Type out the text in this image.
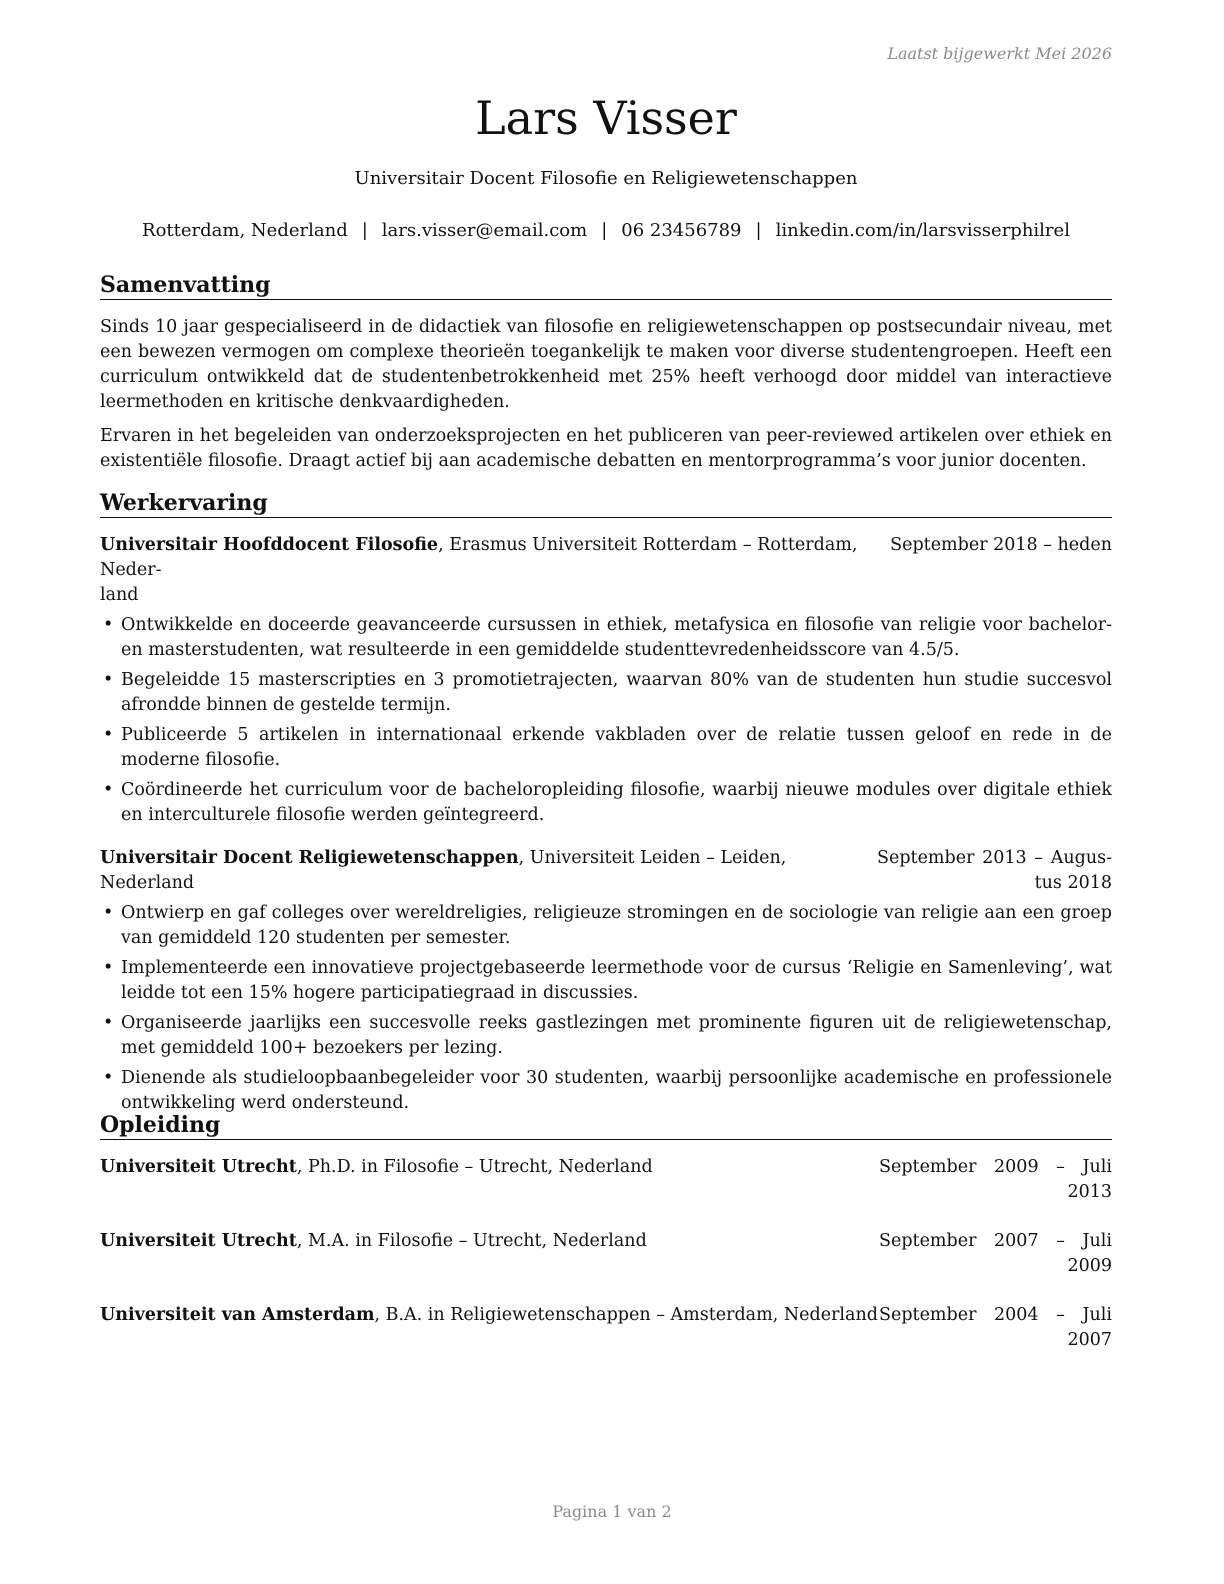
Laatst bijgewerkt Mei 2026
Lars Visser
Universitair Docent Filosofie en Religiewetenschappen
Rotterdam, Nederland | lars.visser@email.com | 06 23456789 | linkedin.com/in/larsvisserphilrel
Samenvatting

Sinds 10 jaar gespecialiseerd in de didactiek van filosofie en religiewetenschappen op postsecundair niveau, met een bewezen vermogen om complexe theorieën toegankelijk te maken voor diverse studentengroepen. Heeft een curriculum ontwikkeld dat de studentenbetrokkenheid met 25% heeft verhoogd door middel van interactieve leermethoden en kritische denkvaardigheden.

Ervaren in het begeleiden van onderzoeksprojecten en het publiceren van peer-reviewed artikelen over ethiek en existentiële filosofie. Draagt actief bij aan academische debatten en mentorprogramma’s voor junior docenten.

Werkervaring
Universitair Hoofddocent Filosofie, Erasmus Universiteit Rotterdam – Rotterdam, Neder-
September 2018 – heden
land
• Ontwikkelde en doceerde geavanceerde cursussen in ethiek, metafysica en filosofie van religie voor bachelor- en masterstudenten, wat resulteerde in een gemiddelde studenttevredenheidsscore van 4.5/5.
• Begeleidde 15 masterscripties en 3 promotietrajecten, waarvan 80% van de studenten hun studie succesvol afrondde binnen de gestelde termijn.
• Publiceerde 5 artikelen in internationaal erkende vakbladen over de relatie tussen geloof en rede in de moderne filosofie.
• Coördineerde het curriculum voor de bacheloropleiding filosofie, waarbij nieuwe modules over digitale ethiek en interculturele filosofie werden geïntegreerd.
Universitair Docent Religiewetenschappen, Universiteit Leiden – Leiden, Nederland
September 2013 – Augus-
tus 2018
• Ontwierp en gaf colleges over wereldreligies, religieuze stromingen en de sociologie van religie aan een groep van gemiddeld 120 studenten per semester.
• Implementeerde een innovatieve projectgebaseerde leermethode voor de cursus ‘Religie en Samenleving’, wat leidde tot een 15% hogere participatiegraad in discussies.
• Organiseerde jaarlijks een succesvolle reeks gastlezingen met prominente figuren uit de religiewetenschap, met gemiddeld 100+ bezoekers per lezing.
• Dienende als studieloopbaanbegeleider voor 30 studenten, waarbij persoonlijke academische en professionele ontwikkeling werd ondersteund.
Opleiding
Universiteit Utrecht, Ph.D. in Filosofie – Utrecht, Nederland	September 2009 – Juli
2013
Universiteit Utrecht, M.A. in Filosofie – Utrecht, Nederland	September 2007 – Juli
2009
Universiteit van Amsterdam, B.A. in Religiewetenschappen – Amsterdam, Nederland September 2004 – Juli
2007
Pagina 1 van 2
